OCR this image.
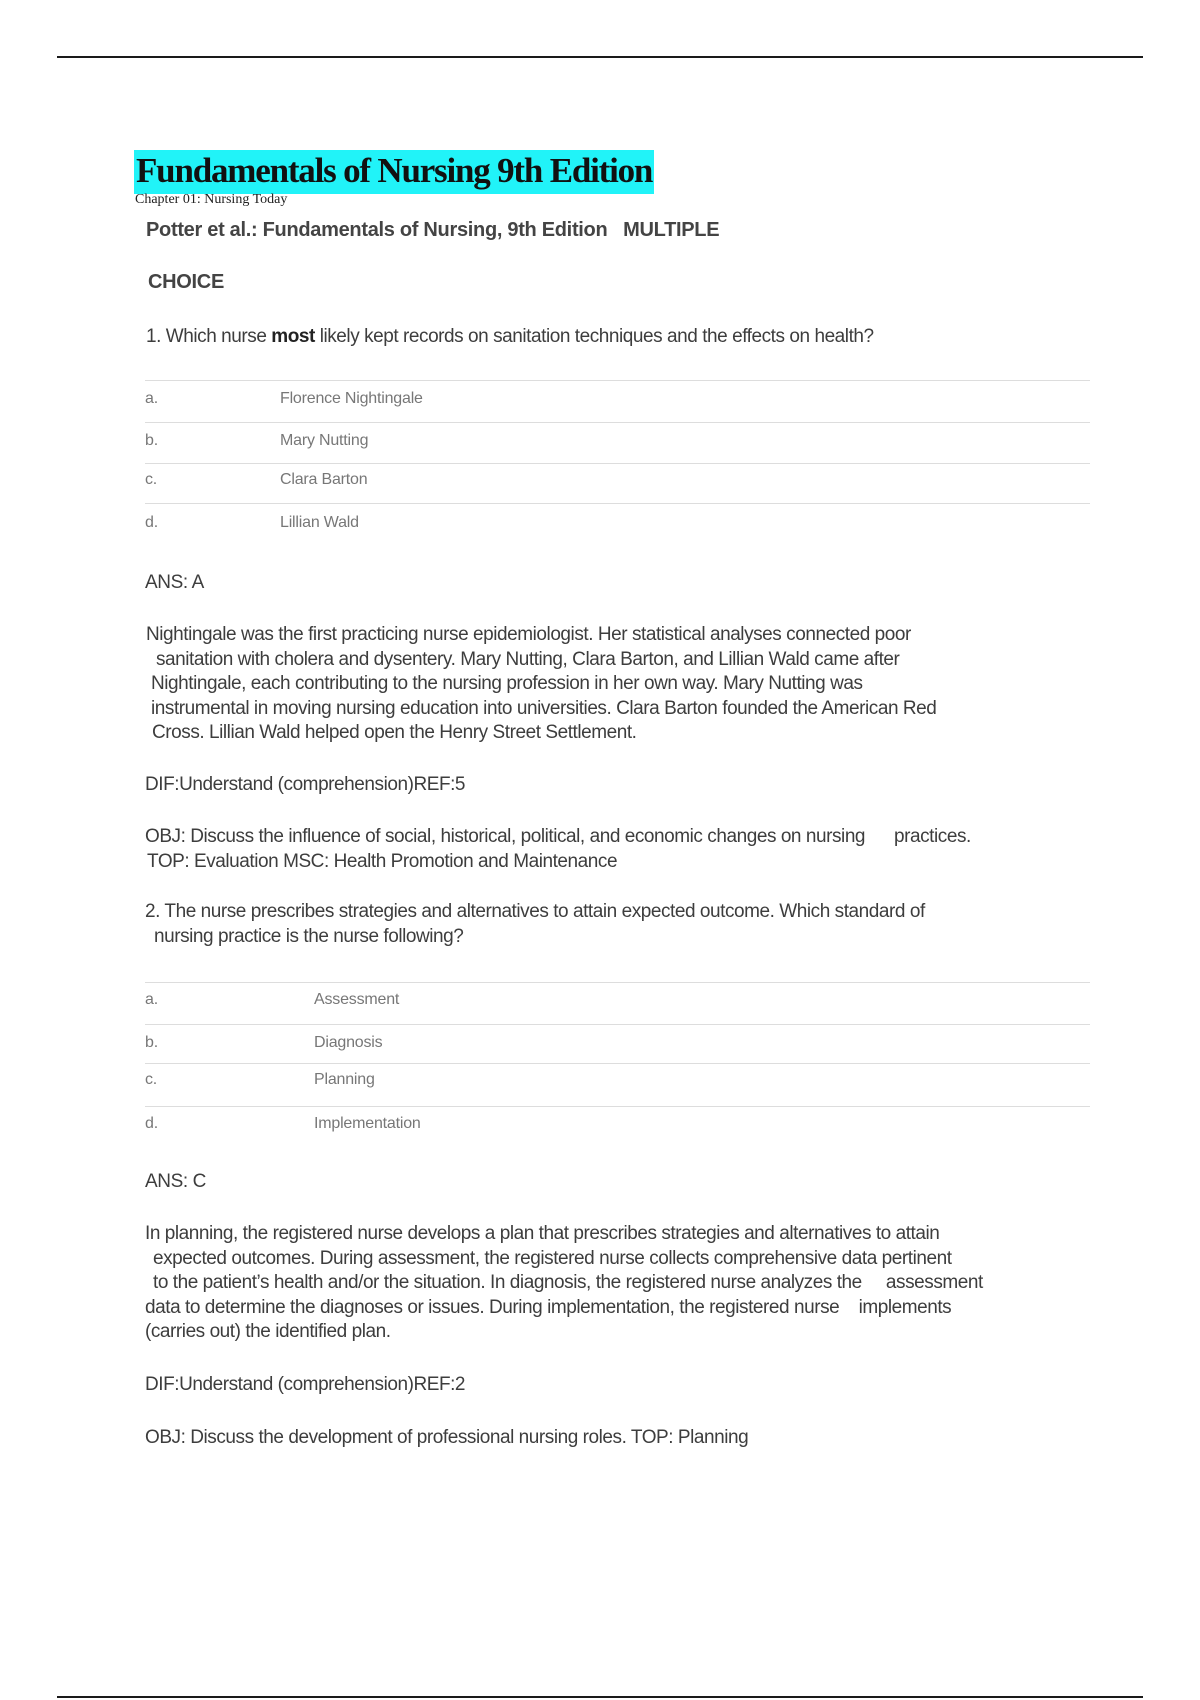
Fundamentals of Nursing 9th Edition
Chapter 01: Nursing Today
Potter et al.: Fundamentals of Nursing, 9th Edition   MULTIPLE
CHOICE
1. Which nurse most likely kept records on sanitation techniques and the effects on health?
a.	Florence Nightingale
b.	Mary Nutting
c.	Clara Barton
d.	Lillian Wald
ANS: A

Nightingale was the first practicing nurse epidemiologist. Her statistical analyses connected poor

sanitation with cholera and dysentery. Mary Nutting, Clara Barton, and Lillian Wald came after

Nightingale, each contributing to the nursing profession in her own way. Mary Nutting was

instrumental in moving nursing education into universities. Clara Barton founded the American Red

Cross. Lillian Wald helped open the Henry Street Settlement.

DIF:Understand (comprehension)REF:5

OBJ: Discuss the influence of social, historical, political, and economic changes on nursing      practices.

TOP: Evaluation MSC: Health Promotion and Maintenance

2. The nurse prescribes strategies and alternatives to attain expected outcome. Which standard of

nursing practice is the nurse following?

a.	Assessment
b.	Diagnosis
c.	Planning
d.	Implementation
ANS: C

In planning, the registered nurse develops a plan that prescribes strategies and alternatives to attain

expected outcomes. During assessment, the registered nurse collects comprehensive data pertinent

to the patient’s health and/or the situation. In diagnosis, the registered nurse analyzes the     assessment

data to determine the diagnoses or issues. During implementation, the registered nurse    implements

(carries out) the identified plan.

DIF:Understand (comprehension)REF:2
OBJ: Discuss the development of professional nursing roles. TOP: Planning
